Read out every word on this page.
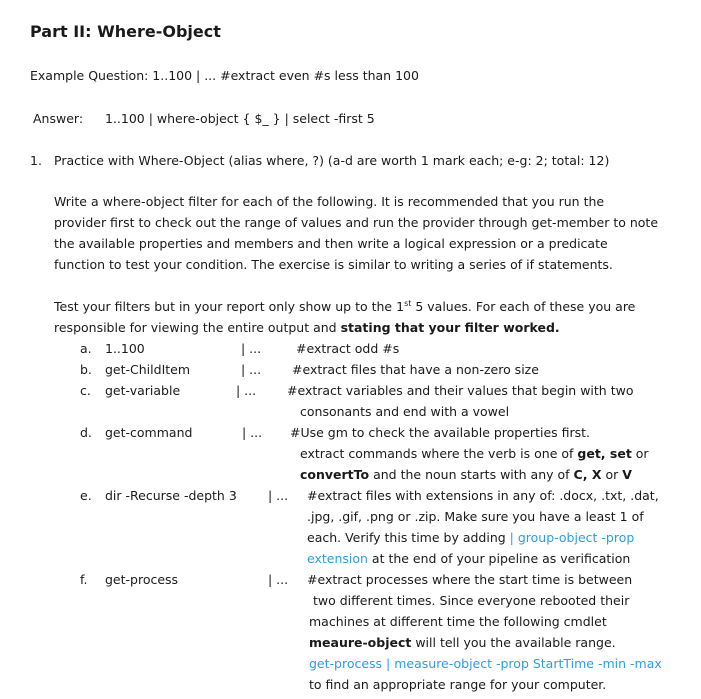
Part II: Where-Object
Example Question: 1..100 | ... #extract even #s less than 100
Answer: 1..100 | where-object { $_ } | select -first 5
1. Practice with Where-Object (alias where, ?) (a-d are worth 1 mark each; e-g: 2; total: 12)
Write a where-object filter for each of the following. It is recommended that you run the
provider first to check out the range of values and run the provider through get-member to note
the available properties and members and then write a logical expression or a predicate
function to test your condition. The exercise is similar to writing a series of if statements.
Test your filters but in your report only show up to the 1st 5 values. For each of these you are
responsible for viewing the entire output and stating that your filter worked.
a. 1..100	| ...	#extract odd #s
b. get-ChildItem	| ... #extract files that have a non-zero size
c. get-variable	| ... #extract variables and their values that begin with two
consonants and end with a vowel
d. get-command	| ... #Use gm to check the available properties first.
extract commands where the verb is one of get, set or
convertTo and the noun starts with any of C, X or V
e. dir -Recurse -depth 3 | ... #extract files with extensions in any of: .docx, .txt, .dat,
.jpg, .gif, .png or .zip. Make sure you have a least 1 of
each. Verify this time by adding | group-object -prop
extension at the end of your pipeline as verification
f. get-process	| ... #extract processes where the start time is between
two different times. Since everyone rebooted their
machines at different time the following cmdlet
meaure-object will tell you the available range.
get-process | measure-object -prop StartTime -min -max
to find an appropriate range for your computer.
